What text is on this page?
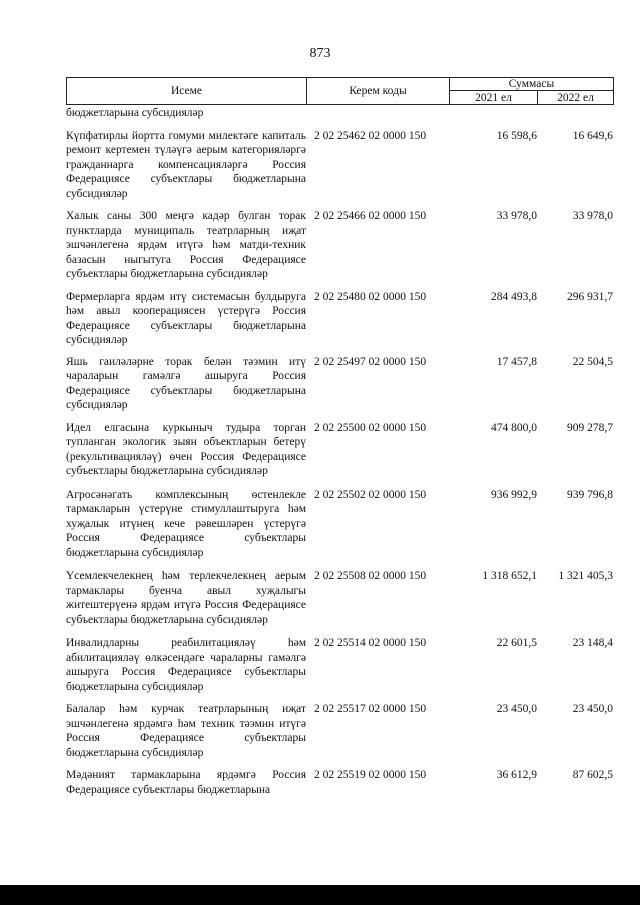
873
Исеме	Керем коды	Суммасы	
		2021 ел	2022 ел
бюджетларына субсидияләр
Күпфатирлы йортта гомуми милектәге капиталь ремонт кертемен түләүгә аерым категорияләргә гражданнарга компенсацияләргә Россия Федерациясе субъектлары бюджетларына субсидияләр
2 02 25462 02 0000 150	16 598,6	16 649,6
Халык саны 300 меңгә кадәр булган торак пунктларда муниципаль театрларның иҗат эшчәнлегенә ярдәм итүгә һәм матди-техник базасын ныгытуга Россия Федерациясе субъектлары бюджетларына субсидияләр
2 02 25466 02 0000 150	33 978,0	33 978,0
Фермерларга ярдәм итү системасын булдыруга һәм авыл кооперациясен үстерүгә Россия Федерациясе субъектлары бюджетларына субсидияләр
2 02 25480 02 0000 150	284 493,8	296 931,7
Яшь гаиләләрне торак белән тәэмин итү чараларын гамәлгә ашыруга Россия Федерациясе субъектлары бюджетларына субсидияләр
2 02 25497 02 0000 150	17 457,8	22 504,5
Идел елгасына куркыныч тудыра торган тупланган экологик зыян объектларын бетерү (рекультивацияләү) өчен Россия Федерациясе субъектлары бюджетларына субсидияләр
2 02 25500 02 0000 150	474 800,0	909 278,7
Агросәнәгать комплексының өстенлекле тармакларын үстерүне стимуллаштыруга һәм хуҗалык итүнең кече рәвешләрен үстерүгә Россия Федерациясе субъектлары бюджетларына субсидияләр
2 02 25502 02 0000 150	936 992,9	939 796,8
Үсемлекчелекнең һәм терлекчелекнең аерым тармаклары буенча авыл хуҗалыгы житештерүенә ярдәм итүгә Россия Федерациясе субъектлары бюджетларына субсидияләр
2 02 25508 02 0000 150	1 318 652,1	1 321 405,3
Инвалидларны реабилитацияләү һәм абилитацияләү өлкәсендәге чараларны гамәлгә ашыруга Россия Федерациясе субъектлары бюджетларына субсидияләр
2 02 25514 02 0000 150	22 601,5	23 148,4
Балалар һәм курчак театрларының иҗат эшчәнлегенә ярдәмгә һәм техник тәэмин итүгә Россия Федерациясе субъектлары бюджетларына субсидияләр
2 02 25517 02 0000 150	23 450,0	23 450,0
Мәдәният тармакларына ярдәмгә Россия Федерациясе субъектлары бюджетларына
2 02 25519 02 0000 150	36 612,9	87 602,5
